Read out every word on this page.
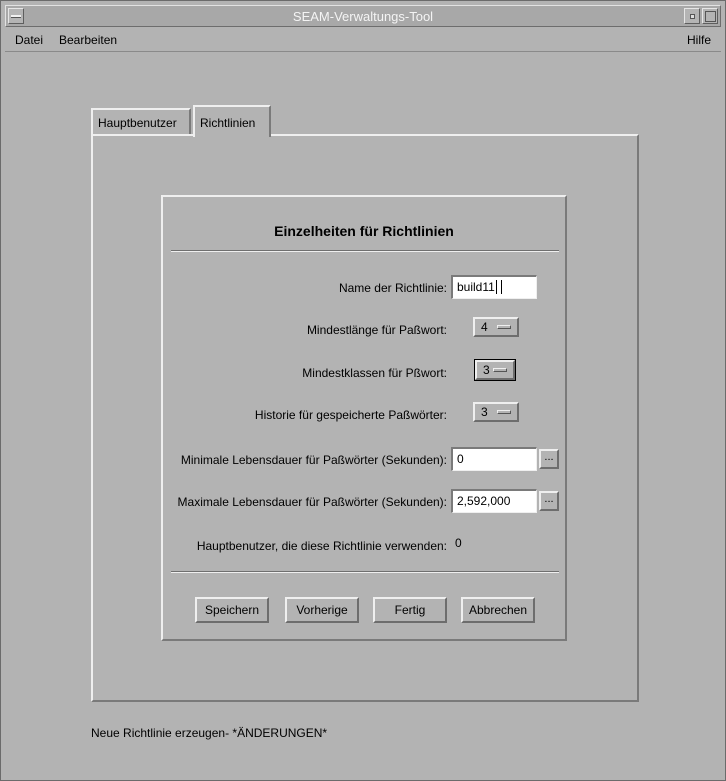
SEAM-Verwaltungs-Tool
Datei Bearbeiten	Hilfe
Hauptbenutzer	Richtlinien
Einzelheiten für Richtlinien
Name der Richtlinie: build11
Mindestlänge für Paßwort:	4
Mindestklassen für Pßwort:	3
Historie für gespeicherte Paßwörter:	3
Minimale Lebensdauer für Paßwörter (Sekunden): 0	...
Maximale Lebensdauer für Paßwörter (Sekunden): 2,592,000	...
Hauptbenutzer, die diese Richtlinie verwenden: 0
Speichern	Vorherige	Fertig	Abbrechen
Neue Richtlinie erzeugen- *ÄNDERUNGEN*
